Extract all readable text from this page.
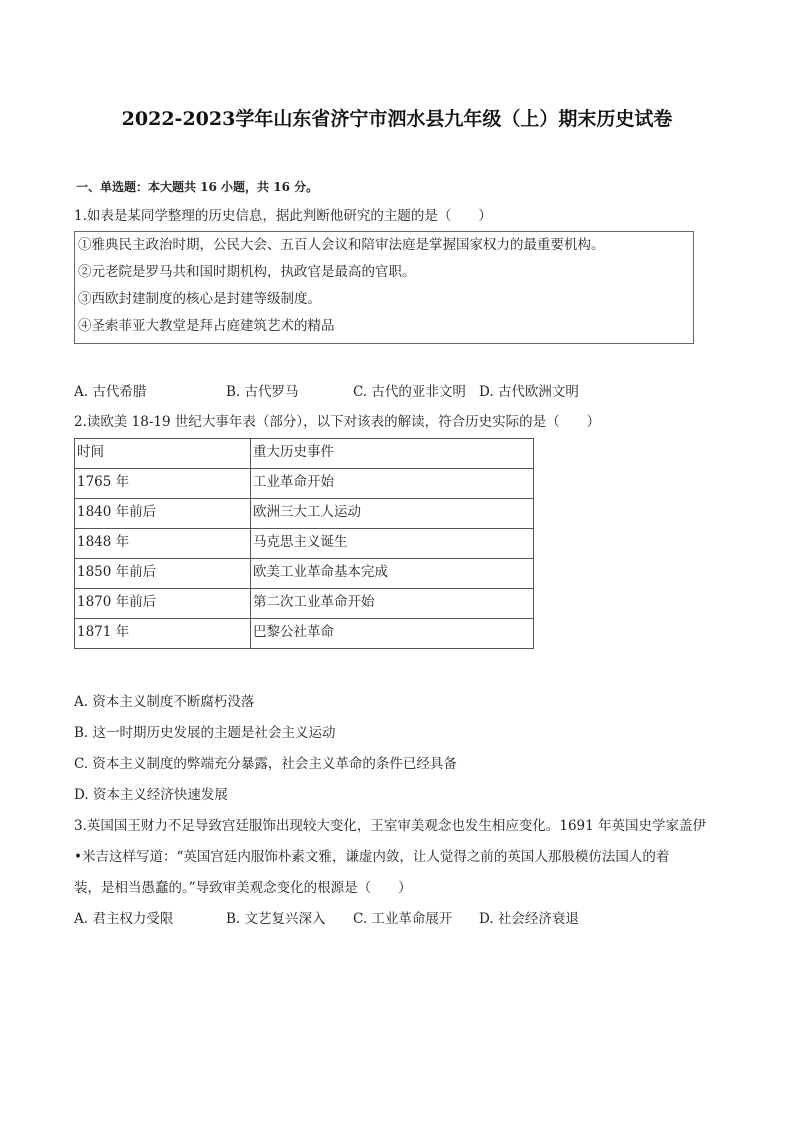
2022-2023学年山东省济宁市泗水县九年级（上）期末历史试卷
一、单选题：本大题共 16 小题，共 16 分。
1.如表是某同学整理的历史信息，据此判断他研究的主题的是（　　）
①雅典民主政治时期，公民大会、五百人会议和陪审法庭是掌握国家权力的最重要机构。
②元老院是罗马共和国时期机构，执政官是最高的官职。
③西欧封建制度的核心是封建等级制度。
④圣索菲亚大教堂是拜占庭建筑艺术的精品
A. 古代希腊	B. 古代罗马	C. 古代的亚非文明 D. 古代欧洲文明
2.读欧美 18-19 世纪大事年表（部分），以下对该表的解读，符合历史实际的是（　　）
时间	重大历史事件
1765 年	工业革命开始
1840 年前后	欧洲三大工人运动
1848 年	马克思主义诞生
1850 年前后	欧美工业革命基本完成
1870 年前后	第二次工业革命开始
1871 年	巴黎公社革命
A. 资本主义制度不断腐朽没落
B. 这一时期历史发展的主题是社会主义运动
C. 资本主义制度的弊端充分暴露，社会主义革命的条件已经具备
D. 资本主义经济快速发展
3.英国国王财力不足导致宫廷服饰出现较大变化，王室审美观念也发生相应变化。1691 年英国史学家盖伊
•米吉这样写道：“英国宫廷内服饰朴素文雅，谦虚内敛，让人觉得之前的英国人那般模仿法国人的着
装，是相当愚蠢的。”导致审美观念变化的根源是（　　）
A. 君主权力受限	B. 文艺复兴深入 C. 工业革命展开 D. 社会经济衰退
